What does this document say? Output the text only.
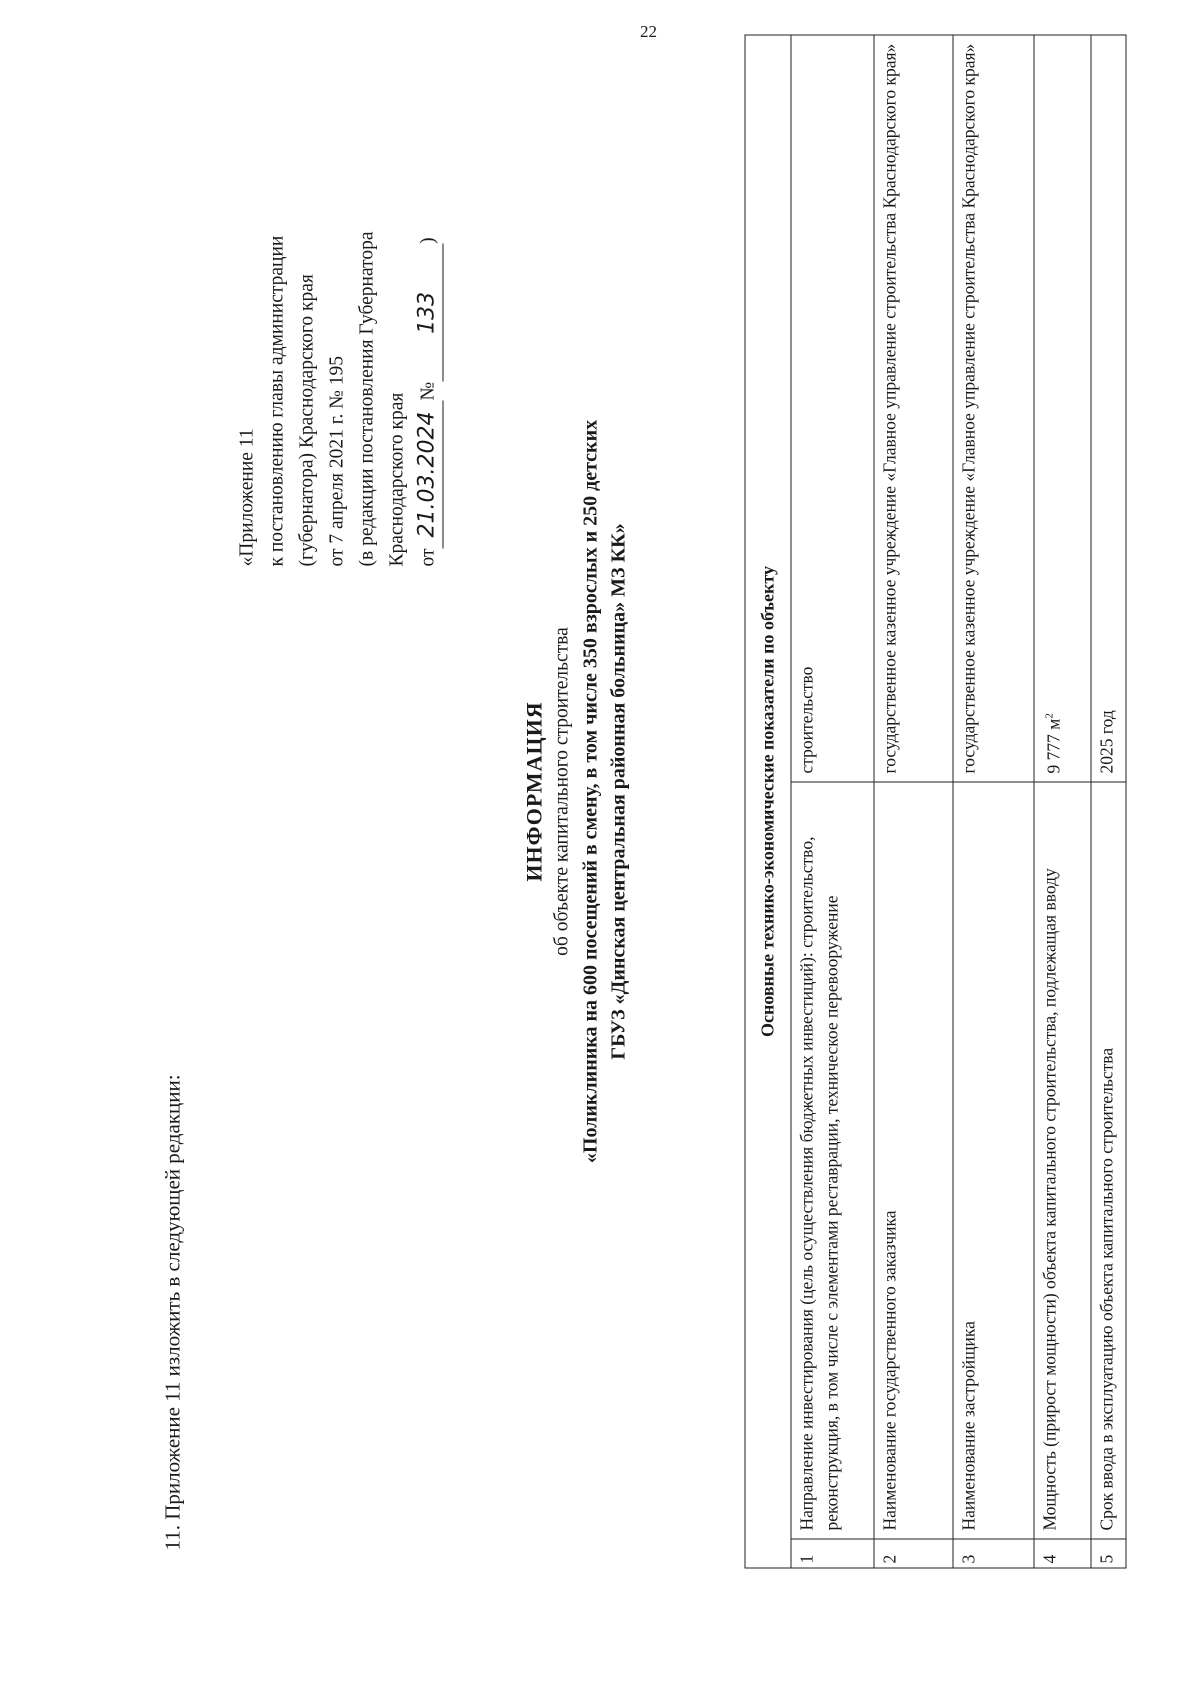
22
11. Приложение 11 изложить в следующей редакции:
«Приложение 11 к постановлению главы администрации (губернатора) Краснодарского края от 7 апреля 2021 г. № 195 (в редакции постановления Губернатора Краснодарского края от21.03.2024№133)
ИНФОРМАЦИЯ об объекте капитального строительства «Поликлиника на 600 посещений в смену, в том числе 350 взрослых и 250 детских ГБУЗ «Динская центральная районная больница» МЗ КК»	Основные технико-экономические показатели по объекту		
1	Направление инвестирования (цель осуществления бюджетных инвестиций): строительство, реконструкция, в том числе с элементами реставрации, техническое перевооружение	строительство
2	Наименование государственного заказчика	государственное казенное учреждение «Главное управление строительства Краснодарского края»
3	Наименование застройщика	государственное казенное учреждение «Главное управление строительства Краснодарского края»
4	Мощность (прирост мощности) объекта капитального строительства, подлежащая вводу	9 777 $м^2$
5	Срок ввода в эксплуатацию объекта капитального строительства	2025 год
